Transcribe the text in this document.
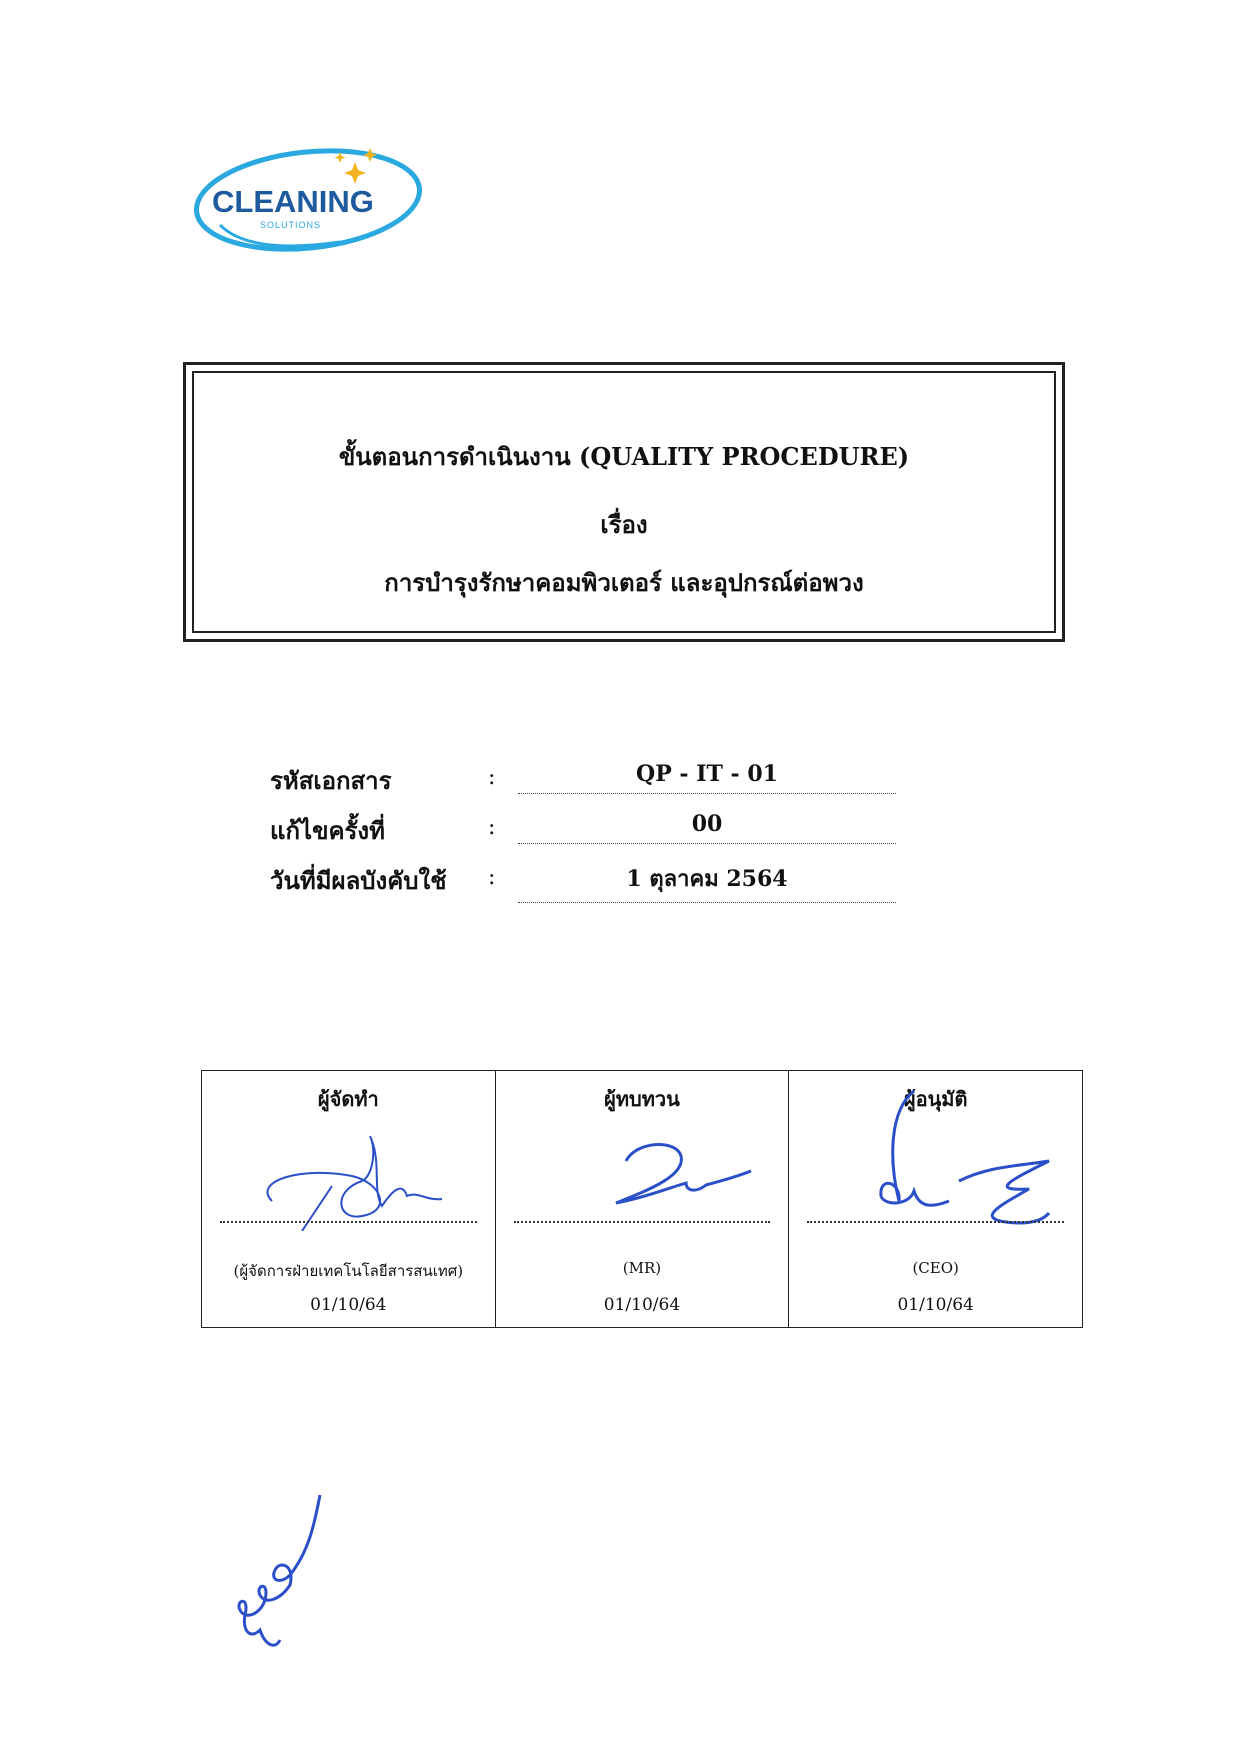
CLEANING
SOLUTIONS
ขั้นตอนการดำเนินงาน (QUALITY PROCEDURE)
เรื่อง
การบำรุงรักษาคอมพิวเตอร์ และอุปกรณ์ต่อพวง
รหัสเอกสาร	:	QP - IT - 01
แก้ไขครั้งที่	:	00
วันที่มีผลบังคับใช้ :	1 ตุลาคม 2564
ผู้จัดทำ
(ผู้จัดการฝ่ายเทคโนโลยีสารสนเทศ)
01/10/64

ผู้ทบทวน
(MR)
01/10/64

ผู้อนุมัติ
(CEO)
01/10/64
